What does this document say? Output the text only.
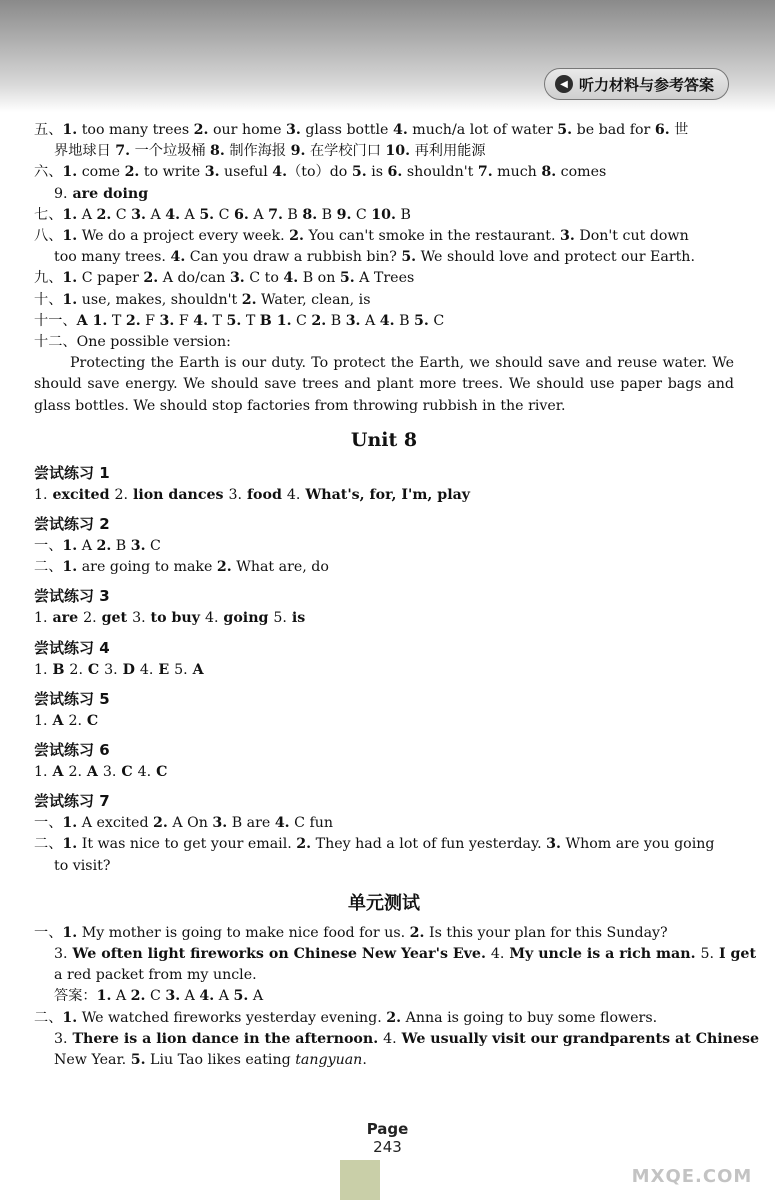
◀ 听力材料与参考答案
五、1. too many trees 2. our home 3. glass bottle 4. much/a lot of water 5. be bad for 6. 世
界地球日 7. 一个垃圾桶 8. 制作海报 9. 在学校门口 10. 再利用能源
六、1. come 2. to write 3. useful 4.（to）do 5. is 6. shouldn't 7. much 8. comes
9. are doing
七、1. A 2. C 3. A 4. A 5. C 6. A 7. B 8. B 9. C 10. B
八、1. We do a project every week. 2. You can't smoke in the restaurant. 3. Don't cut down
too many trees. 4. Can you draw a rubbish bin? 5. We should love and protect our Earth.
九、1. C paper 2. A do/can 3. C to 4. B on 5. A Trees
十、1. use, makes, shouldn't 2. Water, clean, is
十一、A 1. T 2. F 3. F 4. T 5. T B 1. C 2. B 3. A 4. B 5. C
十二、One possible version:
Protecting the Earth is our duty. To protect the Earth, we should save and reuse water. We should save energy. We should save trees and plant more trees. We should use paper bags and glass bottles. We should stop factories from throwing rubbish in the river.
Unit 8
尝试练习 1
1. excited 2. lion dances 3. food 4. What's, for, I'm, play
尝试练习 2
一、1. A 2. B 3. C
二、1. are going to make 2. What are, do
尝试练习 3
1. are 2. get 3. to buy 4. going 5. is
尝试练习 4
1. B 2. C 3. D 4. E 5. A
尝试练习 5
1. A 2. C
尝试练习 6
1. A 2. A 3. C 4. C
尝试练习 7
一、1. A excited 2. A On 3. B are 4. C fun
二、1. It was nice to get your email. 2. They had a lot of fun yesterday. 3. Whom are you going
to visit?
单元测试
一、1. My mother is going to make nice food for us. 2. Is this your plan for this Sunday?
3. We often light fireworks on Chinese New Year's Eve. 4. My uncle is a rich man. 5. I get
a red packet from my uncle.
答案：1. A 2. C 3. A 4. A 5. A
二、1. We watched fireworks yesterday evening. 2. Anna is going to buy some flowers.
3. There is a lion dance in the afternoon. 4. We usually visit our grandparents at Chinese
New Year. 5. Liu Tao likes eating tangyuan.
Page
243
MXQE.COM
